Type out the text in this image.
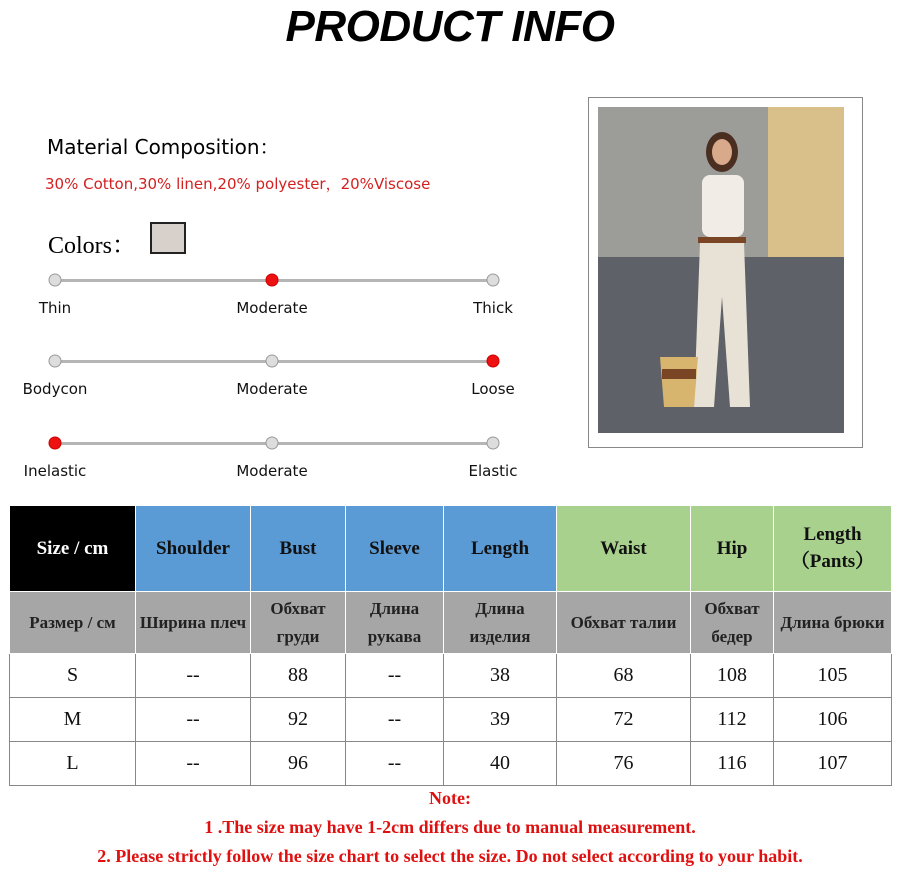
PRODUCT INFO
Material Composition：
30% Cotton,30% linen,20% polyester，20%Viscose
Colors：
Thin	Moderate	Thick
Bodycon	Moderate	Loose
Inelastic	Moderate	Elastic
Size / cm	Shoulder	Bust	Sleeve	Length	Waist	Hip	Length（Pants）
Размер / см	Ширина плеч	Обхват груди	Длина рукава	Длина изделия	Обхват талии	Обхват бедер	Длина брюки
S	--	88	--	38	68	108	105
M	--	92	--	39	72	112	106
L	--	96	--	40	76	116	107
Note:
1 .The size may have 1-2cm differs due to manual measurement.
2. Please strictly follow the size chart to select the size. Do not select according to your habit.
